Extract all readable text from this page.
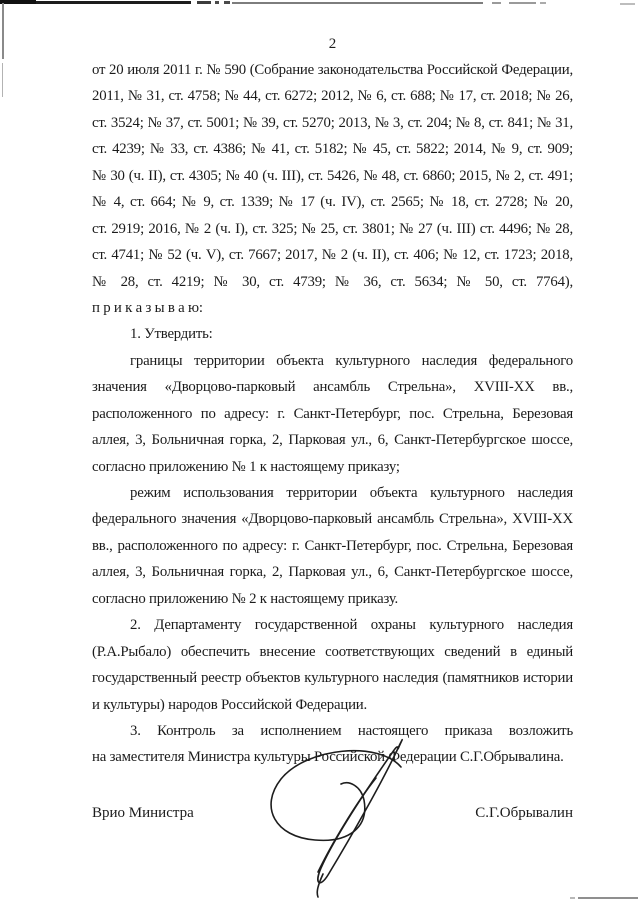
2
от 20 июля 2011 г. № 590 (Собрание законодательства Российской Федерации,
2011, № 31, ст. 4758; № 44, ст. 6272; 2012, № 6, ст. 688; № 17, ст. 2018; № 26,
ст. 3524; № 37, ст. 5001; № 39, ст. 5270; 2013, № 3, ст. 204; № 8, ст. 841; № 31,
ст. 4239; № 33, ст. 4386; № 41, ст. 5182; № 45, ст. 5822; 2014, № 9, ст. 909;
№ 30 (ч. II), ст. 4305; № 40 (ч. III), ст. 5426, № 48, ст. 6860; 2015, № 2, ст. 491;
№ 4, ст. 664; № 9, ст. 1339; № 17 (ч. IV), ст. 2565; № 18, ст. 2728; № 20,
ст. 2919; 2016, № 2 (ч. I), ст. 325; № 25, ст. 3801; № 27 (ч. III) ст. 4496; № 28,
ст. 4741; № 52 (ч. V), ст. 7667; 2017, № 2 (ч. II), ст. 406; № 12, ст. 1723; 2018,
№ 28, ст. 4219; № 30, ст. 4739; № 36, ст. 5634; № 50, ст. 7764),
п р и к а з ы в а ю:
1. Утвердить:
границы территории объекта культурного наследия федерального
значения «Дворцово-парковый ансамбль Стрельна», XVIII-XX вв.,
расположенного по адресу: г. Санкт-Петербург, пос. Стрельна, Березовая
аллея, 3, Больничная горка, 2, Парковая ул., 6, Санкт-Петербургское шоссе,
согласно приложению № 1 к настоящему приказу;
режим использования территории объекта культурного наследия
федерального значения «Дворцово-парковый ансамбль Стрельна», XVIII-XX
вв., расположенного по адресу: г. Санкт-Петербург, пос. Стрельна, Березовая
аллея, 3, Больничная горка, 2, Парковая ул., 6, Санкт-Петербургское шоссе,
согласно приложению № 2 к настоящему приказу.
2. Департаменту государственной охраны культурного наследия
(Р.А.Рыбало) обеспечить внесение соответствующих сведений в единый
государственный реестр объектов культурного наследия (памятников истории
и культуры) народов Российской Федерации.
3. Контроль за исполнением настоящего приказа возложить
на заместителя Министра культуры Российской Федерации С.Г.Обрывалина.
Врио Министра	С.Г.Обрывалин
